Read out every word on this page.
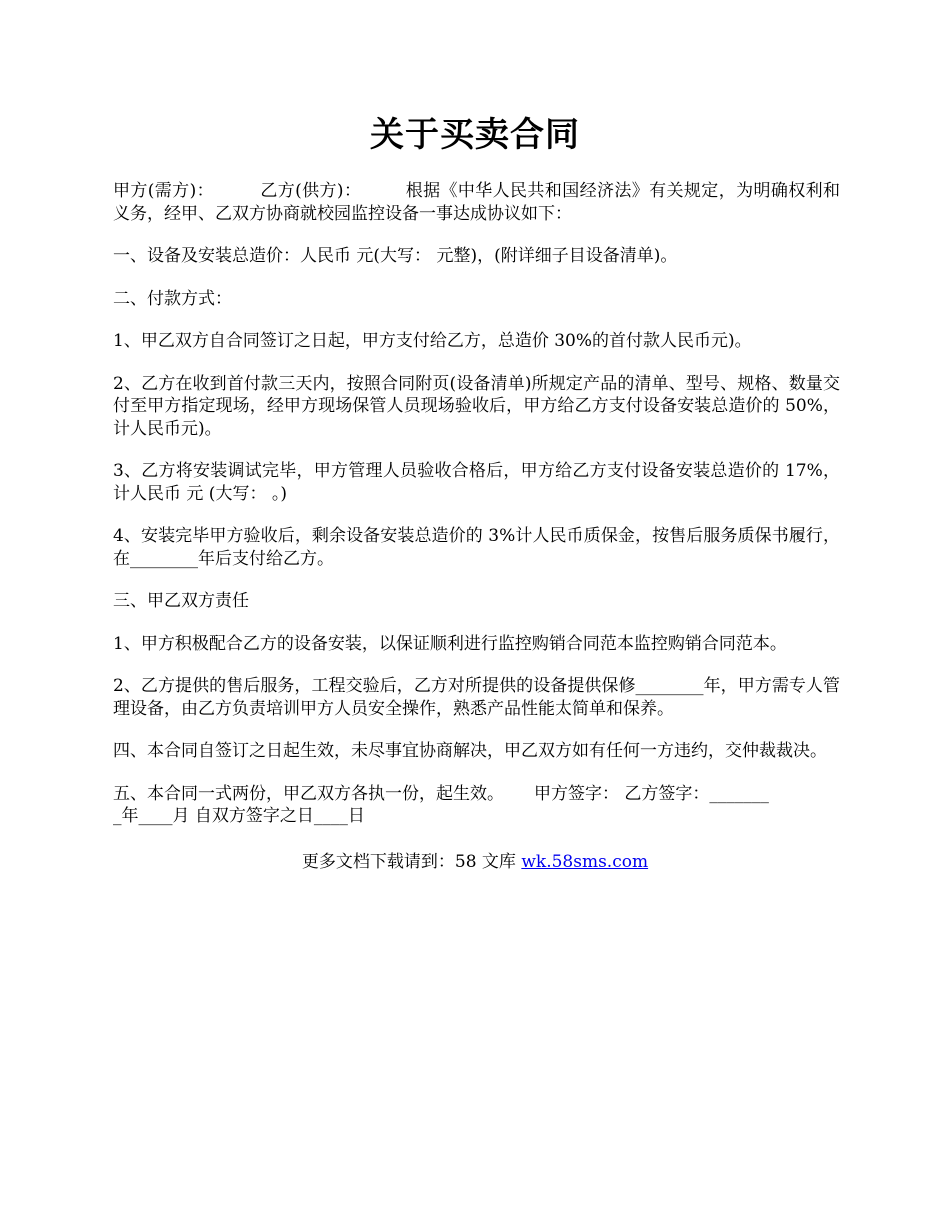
关于买卖合同

甲方(需方)：	乙方(供方)：	根据《中华人民共和国经济法》有关规定，为明确权利和义务，经甲、乙双方协商就校园监控设备一事达成协议如下：

一、设备及安装总造价：人民币 元(大写： 元整)，(附详细子目设备清单)。

二、付款方式：

1、甲乙双方自合同签订之日起，甲方支付给乙方，总造价 30%的首付款人民币元)。

2、乙方在收到首付款三天内，按照合同附页(设备清单)所规定产品的清单、型号、规格、数量交付至甲方指定现场，经甲方现场保管人员现场验收后，甲方给乙方支付设备安装总造价的 50%，计人民币元)。

3、乙方将安装调试完毕，甲方管理人员验收合格后，甲方给乙方支付设备安装总造价的 17%，计人民币 元 (大写： 。)

4、安装完毕甲方验收后，剩余设备安装总造价的 3%计人民币质保金，按售后服务质保书履行，在________年后支付给乙方。

三、甲乙双方责任

1、甲方积极配合乙方的设备安装，以保证顺利进行监控购销合同范本监控购销合同范本。

2、乙方提供的售后服务，工程交验后，乙方对所提供的设备提供保修________年，甲方需专人管理设备，由乙方负责培训甲方人员安全操作，熟悉产品性能太简单和保养。

四、本合同自签订之日起生效，未尽事宜协商解决，甲乙双方如有任何一方违约，交仲裁裁决。

五、本合同一式两份，甲乙双方各执一份，起生效。 甲方签字： 乙方签字：_______
_年____月 自双方签字之日____日

更多文档下载请到：58 文库 wk.58sms.com
